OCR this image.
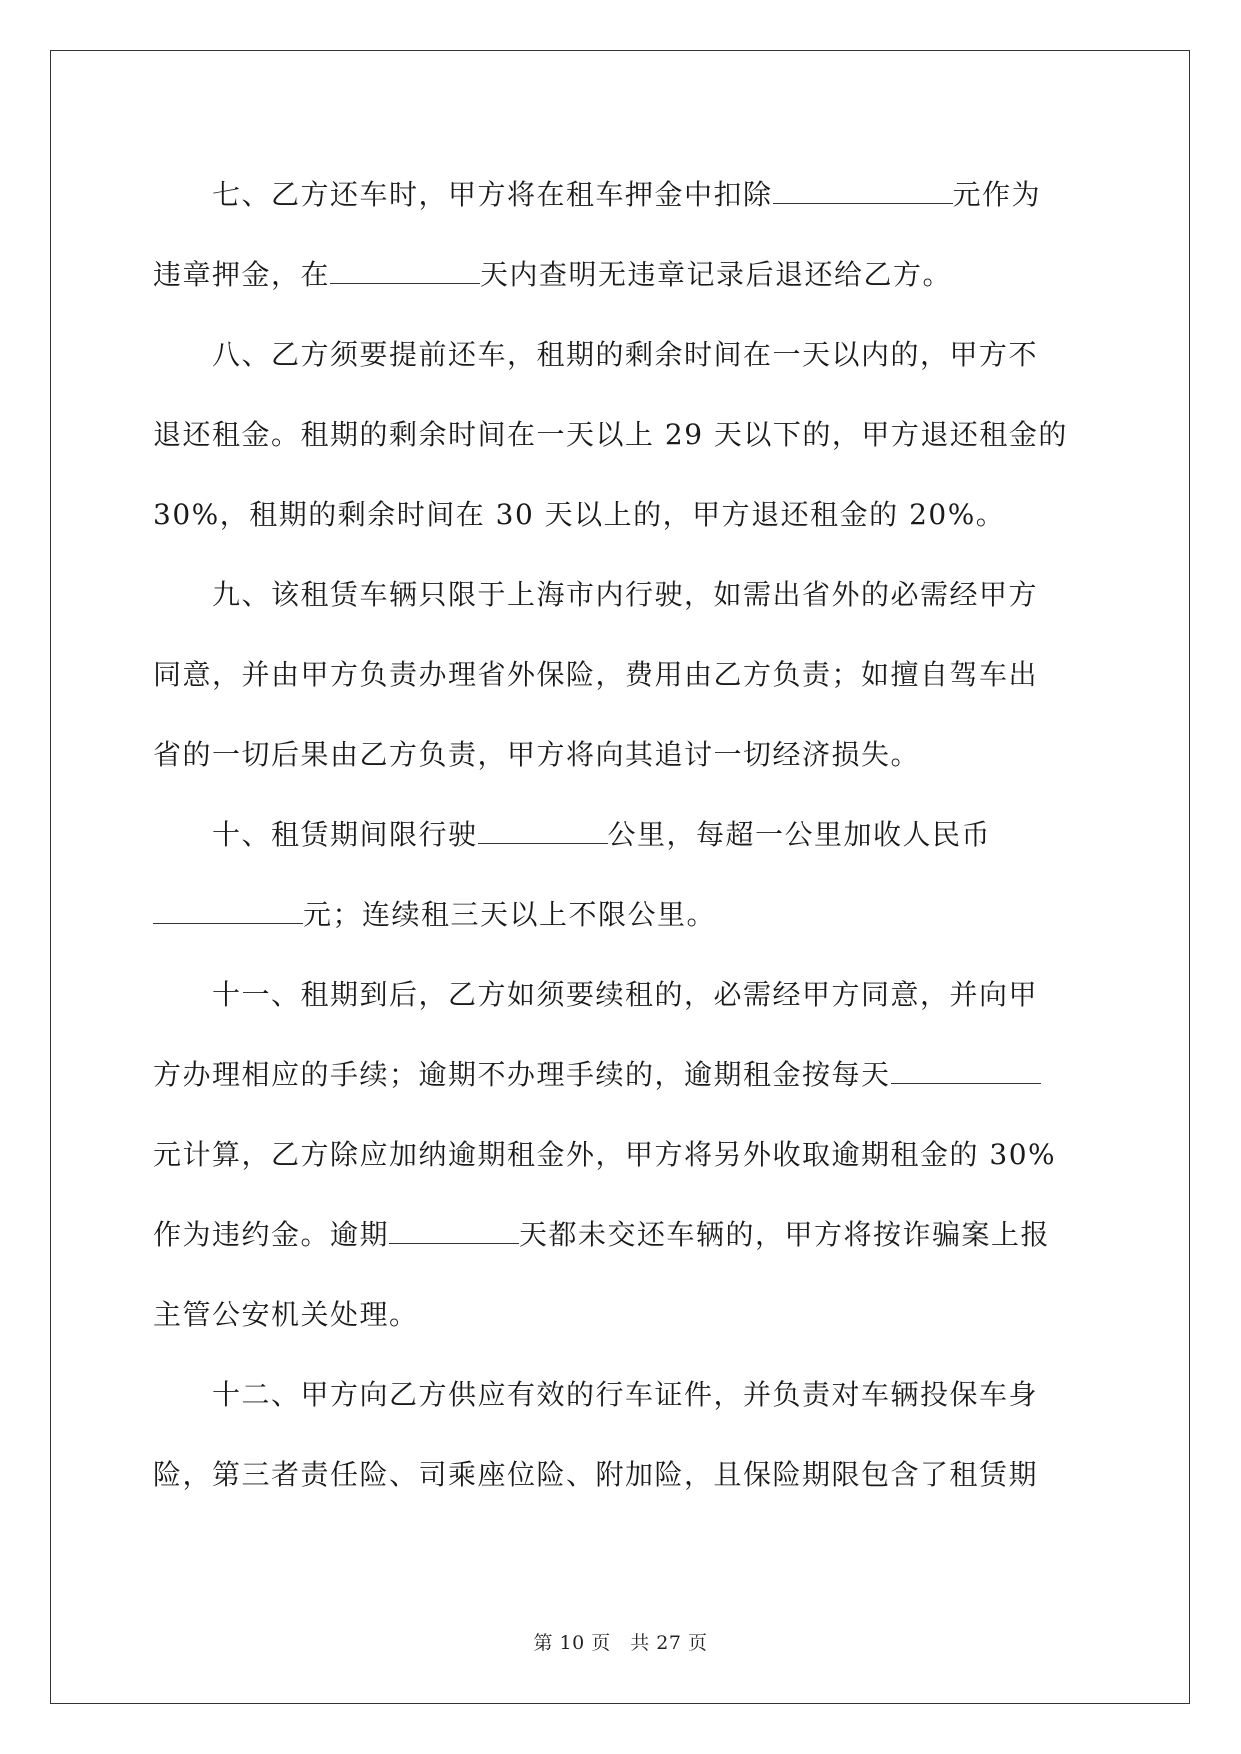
　　七、乙方还车时，甲方将在租车押金中扣除	元作为
违章押金，在	天内查明无违章记录后退还给乙方。
　　八、乙方须要提前还车，租期的剩余时间在一天以内的，甲方不
退还租金。租期的剩余时间在一天以上 29 天以下的，甲方退还租金的
30%，租期的剩余时间在 30 天以上的，甲方退还租金的 20%。
　　九、该租赁车辆只限于上海市内行驶，如需出省外的必需经甲方
同意，并由甲方负责办理省外保险，费用由乙方负责；如擅自驾车出
省的一切后果由乙方负责，甲方将向其追讨一切经济损失。
　　十、租赁期间限行驶	公里，每超一公里加收人民币
元；连续租三天以上不限公里。
　　十一、租期到后，乙方如须要续租的，必需经甲方同意，并向甲
方办理相应的手续；逾期不办理手续的，逾期租金按每天
元计算，乙方除应加纳逾期租金外，甲方将另外收取逾期租金的 30%
作为违约金。逾期	天都未交还车辆的，甲方将按诈骗案上报
主管公安机关处理。
　　十二、甲方向乙方供应有效的行车证件，并负责对车辆投保车身
险，第三者责任险、司乘座位险、附加险，且保险期限包含了租赁期
第 10 页　共 27 页
